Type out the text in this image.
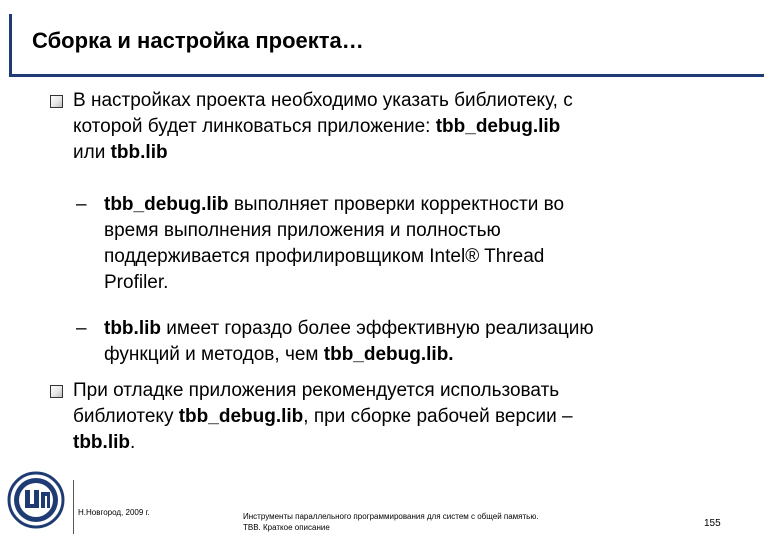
Сборка и настройка проекта…
В настройках проекта необходимо указать библиотеку, с
которой будет линковаться приложение: tbb_debug.lib
или tbb.lib
– tbb_debug.lib выполняет проверки корректности во
время выполнения приложения и полностью
поддерживается профилировщиком Intel® Thread
Profiler.
– tbb.lib имеет гораздо более эффективную реализацию
функций и методов, чем tbb_debug.lib.
При отладке приложения рекомендуется использовать
библиотеку tbb_debug.lib, при сборке рабочей версии –
tbb.lib.
Н.Новгород, 2009 г.	Инструменты параллельного программирования для систем с общей памятью.
TBB. Краткое описание	155
